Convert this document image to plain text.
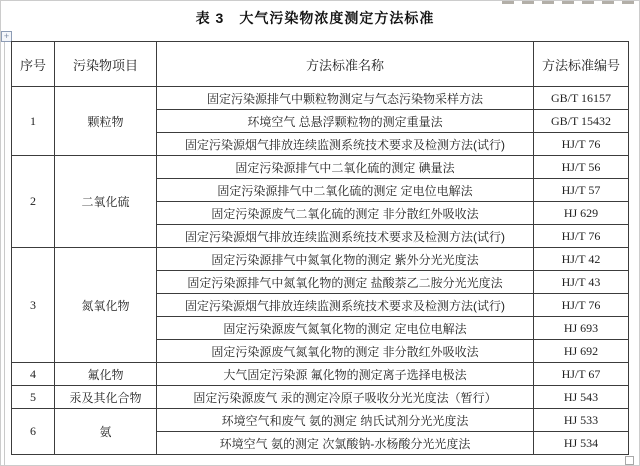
表 3　大气污染物浓度测定方法标准
+
序号	污染物项目	方法标准名称	方法标准编号
1	颗粒物	固定污染源排气中颗粒物测定与气态污染物采样方法	GB/T 16157
		环境空气 总悬浮颗粒物的测定重量法	GB/T 15432
		固定污染源烟气排放连续监测系统技术要求及检测方法(试行)	HJ/T 76
2	二氧化硫	固定污染源排气中二氧化硫的测定 碘量法	HJ/T 56
		固定污染源排气中二氧化硫的测定 定电位电解法	HJ/T 57
		固定污染源废气二氧化硫的测定 非分散红外吸收法	HJ 629
		固定污染源烟气排放连续监测系统技术要求及检测方法(试行)	HJ/T 76
3	氮氧化物	固定污染源排气中氮氧化物的测定 紫外分光光度法	HJ/T 42
		固定污染源排气中氮氧化物的测定 盐酸萘乙二胺分光光度法	HJ/T 43
		固定污染源烟气排放连续监测系统技术要求及检测方法(试行)	HJ/T 76
		固定污染源废气氮氧化物的测定 定电位电解法	HJ 693
		固定污染源废气氮氧化物的测定 非分散红外吸收法	HJ 692
4	氟化物	大气固定污染源 氟化物的测定离子选择电极法	HJ/T 67
5	汞及其化合物	固定污染源废气 汞的测定冷原子吸收分光光度法（暂行）	HJ 543
6	氨	环境空气和废气 氨的测定 纳氏试剂分光光度法	HJ 533
		环境空气 氨的测定 次氯酸钠-水杨酸分光光度法	HJ 534
